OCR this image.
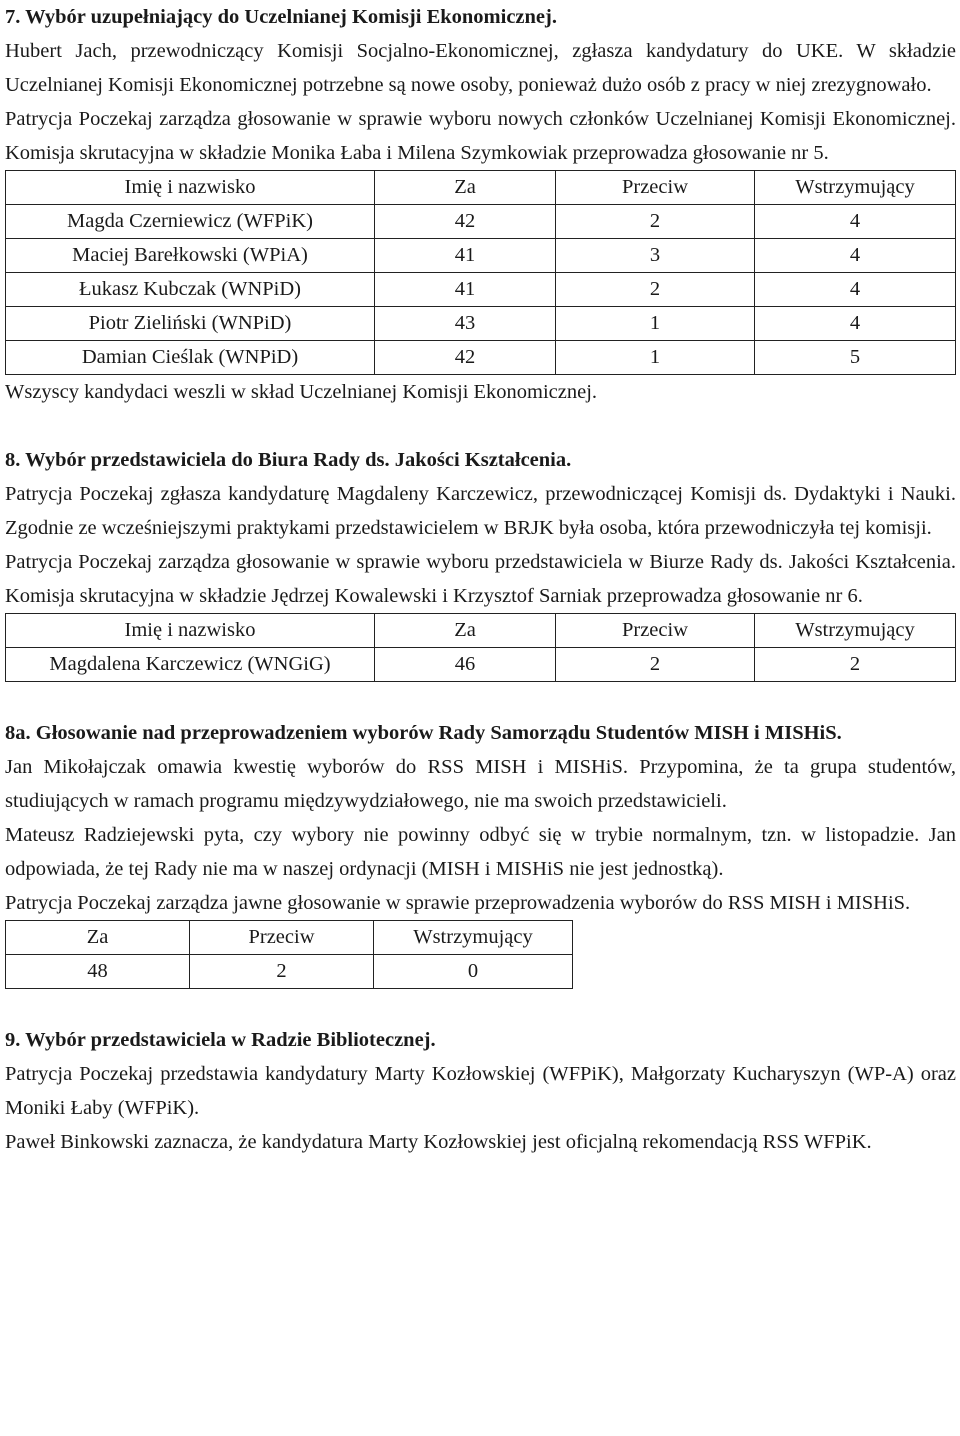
7. Wybór uzupełniający do Uczelnianej Komisji Ekonomicznej.

Hubert Jach, przewodniczący Komisji Socjalno-Ekonomicznej, zgłasza kandydatury do UKE. W składzie Uczelnianej Komisji Ekonomicznej potrzebne są nowe osoby, ponieważ dużo osób z pracy w niej zrezygnowało.

Patrycja Poczekaj zarządza głosowanie w sprawie wyboru nowych członków Uczelnianej Komisji Ekonomicznej. Komisja skrutacyjna w składzie Monika Łaba i Milena Szymkowiak przeprowadza głosowanie nr 5.

Imię i nazwisko	Za	Przeciw	Wstrzymujący
Magda Czerniewicz (WFPiK)	42	2	4
Maciej Barełkowski (WPiA)	41	3	4
Łukasz Kubczak (WNPiD)	41	2	4
Piotr Zieliński (WNPiD)	43	1	4
Damian Cieślak (WNPiD)	42	1	5

Wszyscy kandydaci weszli w skład Uczelnianej Komisji Ekonomicznej.

8. Wybór przedstawiciela do Biura Rady ds. Jakości Kształcenia.

Patrycja Poczekaj zgłasza kandydaturę Magdaleny Karczewicz, przewodniczącej Komisji ds. Dydaktyki i Nauki. Zgodnie ze wcześniejszymi praktykami przedstawicielem w BRJK była osoba, która przewodniczyła tej komisji.

Patrycja Poczekaj zarządza głosowanie w sprawie wyboru przedstawiciela w Biurze Rady ds. Jakości Kształcenia. Komisja skrutacyjna w składzie Jędrzej Kowalewski i Krzysztof Sarniak przeprowadza głosowanie nr 6.

Imię i nazwisko	Za	Przeciw	Wstrzymujący
Magdalena Karczewicz (WNGiG)	46	2	2

8a. Głosowanie nad przeprowadzeniem wyborów Rady Samorządu Studentów MISH i MISHiS.

Jan Mikołajczak omawia kwestię wyborów do RSS MISH i MISHiS. Przypomina, że ta grupa studentów, studiujących w ramach programu międzywydziałowego, nie ma swoich przedstawicieli.

Mateusz Radziejewski pyta, czy wybory nie powinny odbyć się w trybie normalnym, tzn. w listopadzie. Jan odpowiada, że tej Rady nie ma w naszej ordynacji (MISH i MISHiS nie jest jednostką).

Patrycja Poczekaj zarządza jawne głosowanie w sprawie przeprowadzenia wyborów do RSS MISH i MISHiS.

Za	Przeciw	Wstrzymujący
48	2	0

9. Wybór przedstawiciela w Radzie Bibliotecznej.

Patrycja Poczekaj przedstawia kandydatury Marty Kozłowskiej (WFPiK), Małgorzaty Kucharyszyn (WP-A) oraz Moniki Łaby (WFPiK).

Paweł Binkowski zaznacza, że kandydatura Marty Kozłowskiej jest oficjalną rekomendacją RSS WFPiK.
